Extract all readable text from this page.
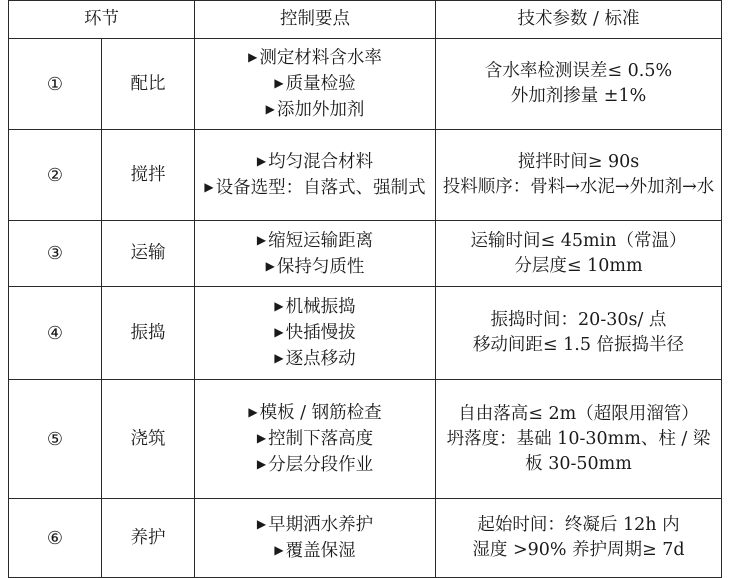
环节		控制要点	技术参数 / 标准
①	配比	▶ 测定材料含水率
▶ 质量检验
▶ 添加外加剂	含水率检测误差≤ 0.5%
外加剂掺量 ±1%

②	搅拌	▶ 均匀混合材料
▶ 设备选型：自落式、强制式	搅拌时间≥ 90s
投料顺序：骨料→水泥→外加剂→水

③	运输	▶ 缩短运输距离
▶ 保持匀质性	运输时间≤ 45min（常温）
分层度≤ 10mm

④	振捣	▶ 机械振捣
▶ 快插慢拔
▶ 逐点移动	振捣时间：20-30s/ 点
移动间距≤ 1.5 倍振捣半径

⑤	浇筑	▶ 模板 / 钢筋检查
▶ 控制下落高度
▶ 分层分段作业	自由落高≤ 2m（超限用溜管）
坍落度：基础 10-30mm、柱 / 梁板 30-50mm

⑥	养护	▶ 早期洒水养护
▶ 覆盖保湿	起始时间：终凝后 12h 内
湿度 >90% 养护周期≥ 7d
